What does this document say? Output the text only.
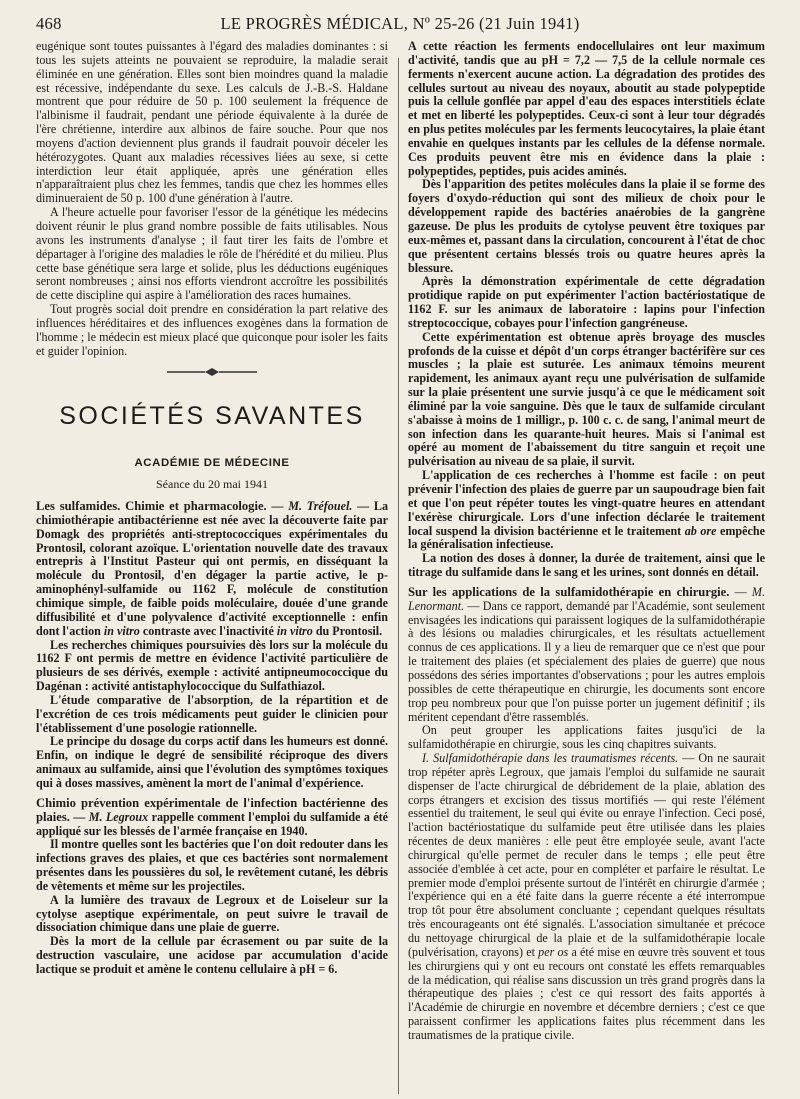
468	LE PROGRÈS MÉDICAL, Nº 25-26 (21 Juin 1941)

eugénique sont toutes puissantes à l'égard des maladies dominantes : si tous les sujets atteints ne pouvaient se reproduire, la maladie serait éliminée en une génération. Elles sont bien moindres quand la maladie est récessive, indépendante du sexe. Les calculs de J.-B.-S. Haldane montrent que pour réduire de 50 p. 100 seulement la fréquence de l'albinisme il faudrait, pendant une période équivalente à la durée de l'ère chrétienne, interdire aux albinos de faire souche. Pour que nos moyens d'action deviennent plus grands il faudrait pouvoir déceler les hétérozygotes. Quant aux maladies récessives liées au sexe, si cette interdiction leur était appliquée, après une génération elles n'apparaîtraient plus chez les femmes, tandis que chez les hommes elles diminueraient de 50 p. 100 d'une génération à l'autre.

A l'heure actuelle pour favoriser l'essor de la génétique les médecins doivent réunir le plus grand nombre possible de faits utilisables. Nous avons les instruments d'analyse ; il faut tirer les faits de l'ombre et départager à l'origine des maladies le rôle de l'hérédité et du milieu. Plus cette base génétique sera large et solide, plus les déductions eugéniques seront nombreuses ; ainsi nos efforts viendront accroître les possibilités de cette discipline qui aspire à l'amélioration des races humaines.

Tout progrès social doit prendre en considération la part relative des influences héréditaires et des influences exogènes dans la formation de l'homme ; le médecin est mieux placé que quiconque pour isoler les faits et guider l'opinion.

SOCIÉTÉS SAVANTES
ACADÉMIE DE MÉDECINE
Séance du 20 mai 1941

Les sulfamides. Chimie et pharmacologie. — M. Tréfouel. — La chimiothérapie antibactérienne est née avec la découverte faite par Domagk des propriétés anti-streptococciques expérimentales du Prontosil, colorant azoïque. L'orientation nouvelle date des travaux entrepris à l'Institut Pasteur qui ont permis, en disséquant la molécule du Prontosil, d'en dégager la partie active, le p-aminophényl-sulfamide ou 1162 F, molécule de constitution chimique simple, de faible poids moléculaire, douée d'une grande diffusibilité et d'une polyvalence d'activité exceptionnelle : enfin dont l'action in vitro contraste avec l'inactivité in vitro du Prontosil.

Les recherches chimiques poursuivies dès lors sur la molécule du 1162 F ont permis de mettre en évidence l'activité particulière de plusieurs de ses dérivés, exemple : activité antipneumococcique du Dagénan : activité antistaphylococcique du Sulfathiazol.

L'étude comparative de l'absorption, de la répartition et de l'excrétion de ces trois médicaments peut guider le clinicien pour l'établissement d'une posologie rationnelle.

Le principe du dosage du corps actif dans les humeurs est donné. Enfin, on indique le degré de sensibilité réciproque des divers animaux au sulfamide, ainsi que l'évolution des symptômes toxiques qui à doses massives, amènent la mort de l'animal d'expérience.

Chimio prévention expérimentale de l'infection bactérienne des plaies. — M. Legroux rappelle comment l'emploi du sulfamide a été appliqué sur les blessés de l'armée française en 1940.

Il montre quelles sont les bactéries que l'on doit redouter dans les infections graves des plaies, et que ces bactéries sont normalement présentes dans les poussières du sol, le revêtement cutané, les débris de vêtements et même sur les projectiles.

A la lumière des travaux de Legroux et de Loiseleur sur la cytolyse aseptique expérimentale, on peut suivre le travail de dissociation chimique dans une plaie de guerre.

Dès la mort de la cellule par écrasement ou par suite de la destruction vasculaire, une acidose par accumulation d'acide lactique se produit et amène le contenu cellulaire à pH = 6.

A cette réaction les ferments endocellulaires ont leur maximum d'activité, tandis que au pH = 7,2 — 7,5 de la cellule normale ces ferments n'exercent aucune action. La dégradation des protides des cellules surtout au niveau des noyaux, aboutit au stade polypeptide puis la cellule gonflée par appel d'eau des espaces interstitiels éclate et met en liberté les polypeptides. Ceux-ci sont à leur tour dégradés en plus petites molécules par les ferments leucocytaires, la plaie étant envahie en quelques instants par les cellules de la défense normale. Ces produits peuvent être mis en évidence dans la plaie : polypeptides, peptides, puis acides aminés.

Dès l'apparition des petites molécules dans la plaie il se forme des foyers d'oxydo-réduction qui sont des milieux de choix pour le développement rapide des bactéries anaérobies de la gangrène gazeuse. De plus les produits de cytolyse peuvent être toxiques par eux-mêmes et, passant dans la circulation, concourent à l'état de choc que présentent certains blessés trois ou quatre heures après la blessure.

Après la démonstration expérimentale de cette dégradation protidique rapide on put expérimenter l'action bactériostatique de 1162 F. sur les animaux de laboratoire : lapins pour l'infection streptococcique, cobayes pour l'infection gangréneuse.

Cette expérimentation est obtenue après broyage des muscles profonds de la cuisse et dépôt d'un corps étranger bactérifère sur ces muscles ; la plaie est suturée. Les animaux témoins meurent rapidement, les animaux ayant reçu une pulvérisation de sulfamide sur la plaie présentent une survie jusqu'à ce que le médicament soit éliminé par la voie sanguine. Dès que le taux de sulfamide circulant s'abaisse à moins de 1 milligr., p. 100 c. c. de sang, l'animal meurt de son infection dans les quarante-huit heures. Mais si l'animal est opéré au moment de l'abaissement du titre sanguin et reçoit une pulvérisation au niveau de sa plaie, il survit.

L'application de ces recherches à l'homme est facile : on peut prévenir l'infection des plaies de guerre par un saupoudrage bien fait et que l'on peut répéter toutes les vingt-quatre heures en attendant l'exérèse chirurgicale. Lors d'une infection déclarée le traitement local suspend la division bactérienne et le traitement ab ore empêche la généralisation infectieuse.

La notion des doses à donner, la durée de traitement, ainsi que le titrage du sulfamide dans le sang et les urines, sont donnés en détail.

Sur les applications de la sulfamidothérapie en chirurgie. — M. Lenormant. — Dans ce rapport, demandé par l'Académie, sont seulement envisagées les indications qui paraissent logiques de la sulfamidothérapie à des lésions ou maladies chirurgicales, et les résultats actuellement connus de ces applications. Il y a lieu de remarquer que ce n'est que pour le traitement des plaies (et spécialement des plaies de guerre) que nous possédons des séries importantes d'observations ; pour les autres emplois possibles de cette thérapeutique en chirurgie, les documents sont encore trop peu nombreux pour que l'on puisse porter un jugement définitif ; ils méritent cependant d'être rassemblés.

On peut grouper les applications faites jusqu'ici de la sulfamidothérapie en chirurgie, sous les cinq chapitres suivants.

I. Sulfamidothérapie dans les traumatismes récents. — On ne saurait trop répéter après Legroux, que jamais l'emploi du sulfamide ne saurait dispenser de l'acte chirurgical de débridement de la plaie, ablation des corps étrangers et excision des tissus mortifiés — qui reste l'élément essentiel du traitement, le seul qui évite ou enraye l'infection. Ceci posé, l'action bactériostatique du sulfamide peut être utilisée dans les plaies récentes de deux manières : elle peut être employée seule, avant l'acte chirurgical qu'elle permet de reculer dans le temps ; elle peut être associée d'emblée à cet acte, pour en compléter et parfaire le résultat. Le premier mode d'emploi présente surtout de l'intérêt en chirurgie d'armée ; l'expérience qui en a été faite dans la guerre récente a été interrompue trop tôt pour être absolument concluante ; cependant quelques résultats très encourageants ont été signalés. L'association simultanée et précoce du nettoyage chirurgical de la plaie et de la sulfamidothérapie locale (pulvérisation, crayons) et per os a été mise en œuvre très souvent et tous les chirurgiens qui y ont eu recours ont constaté les effets remarquables de la médication, qui réalise sans discussion un très grand progrès dans la thérapeutique des plaies ; c'est ce qui ressort des faits apportés à l'Académie de chirurgie en novembre et décembre derniers ; c'est ce que paraissent confirmer les applications faites plus récemment dans les traumatismes de la pratique civile.
